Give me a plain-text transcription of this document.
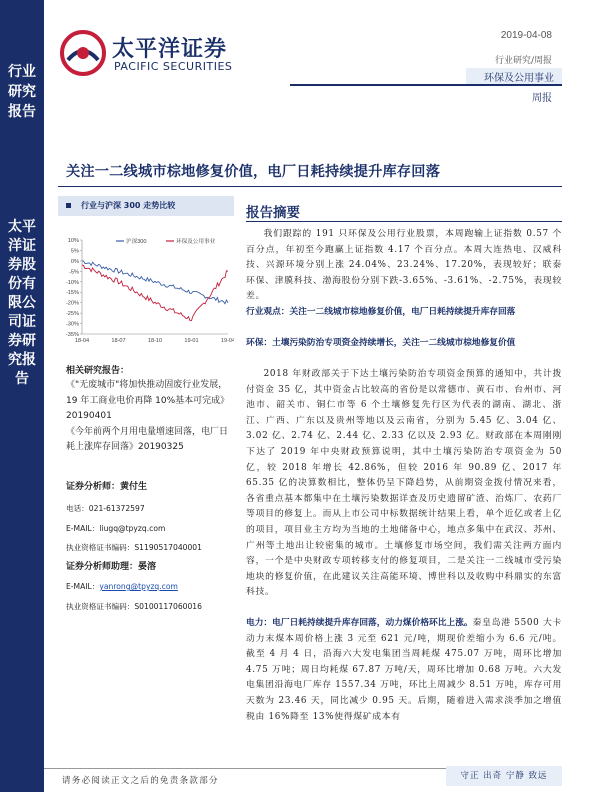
行业研究报告
太平洋证券股份有限公司证券研究报告
太平洋证券
PACIFIC SECURITIES
2019-04-08
行业研究/周报
环保及公用事业
周报
关注一二线城市棕地修复价值，电厂日耗持续提升库存回落
行业与沪深 300 走势比较
10%
5%
0%
-5%
-10%
-15%
-20%
-25%
-30%
-35%
18-04	18-07	18-10	19-01	19-04
沪深300	环保及公用事业
相关研究报告：
《"无废城市"将加快推动固废行业发展，19 年工商业电价再降 10%基本可完成》20190401
《今年前两个月用电量增速回落，电厂日耗上涨库存回落》20190325
证券分析师：黄付生
电话：021-61372597
E-MAIL：liugq@tpyzq.com
执业资格证书编码：S1190517040001
证券分析师助理：晏溶
E-MAIL：yanrong@tpyzq.com
执业资格证书编码：S0100117060016
报告摘要
我们跟踪的 191 只环保及公用行业股票，本周跑输上证指数 0.57 个百分点，年初至今跑赢上证指数 4.17 个百分点。本周大连热电、汉威科技、兴源环境分别上涨 24.04%、23.24%、17.20%，表现较好；联泰环保、津膜科技、渤海股份分别下跌-3.65%、-3.61%、-2.75%，表现较差。
行业观点：关注一二线城市棕地修复价值，电厂日耗持续提升库存回落
环保：土壤污染防治专项资金持续增长，关注一二线城市棕地修复价值
2018 年财政部关于下达土壤污染防治专项资金预算的通知中，共计拨付资金 35 亿，其中资金占比较高的省份是以常德市、黄石市、台州市、河池市、韶关市、铜仁市等 6 个土壤修复先行区为代表的湖南、湖北、浙江、广西、广东以及贵州等地以及云南省，分别为 5.45 亿、3.04 亿、3.02 亿、2.74 亿、2.44 亿、2.33 亿以及 2.93 亿。财政部在本周刚刚下达了 2019 年中央财政预算说明，其中土壤污染防治专项资金为 50 亿，较 2018 年增长 42.86%，但较 2016 年 90.89 亿、2017 年 65.35 亿的决算数相比，整体仍呈下降趋势，从前期资金拨付情况来看，各省重点基本都集中在土壤污染数据详查及历史遗留矿渣、治炼厂、农药厂等项目的修复上。而从上市公司中标数据统计结果上看，单个近亿或者上亿的项目，项目业主方均为当地的土地储备中心，地点多集中在武汉、苏州、广州等土地出让较密集的城市。土壤修复市场空间，我们需关注两方面内容，一个是中央财政专项转移支付的修复项目，二是关注一二线城市受污染地块的修复价值，在此建议关注高能环境、博世科以及收购中科鼎实的东富科技。
电力：电厂日耗持续提升库存回落，动力煤价格环比上涨。秦皇岛港 5500 大卡动力末煤本周价格上涨 3 元至 621 元/吨，期现价差缩小为 6.6 元/吨。截至 4 月 4 日，沿海六大发电集团当周耗煤 475.07 万吨，周环比增加 4.75 万吨；周日均耗煤 67.87 万吨/天，周环比增加 0.68 万吨。六大发电集团沿海电厂库存 1557.34 万吨，环比上周减少 8.51 万吨，库存可用天数为 23.46 天，同比减少 0.95 天。后期，随着进入需求淡季加之增值税由 16%降至 13%使得煤矿成本有
请务必阅读正文之后的免责条款部分	守正 出奇 宁静 致远
